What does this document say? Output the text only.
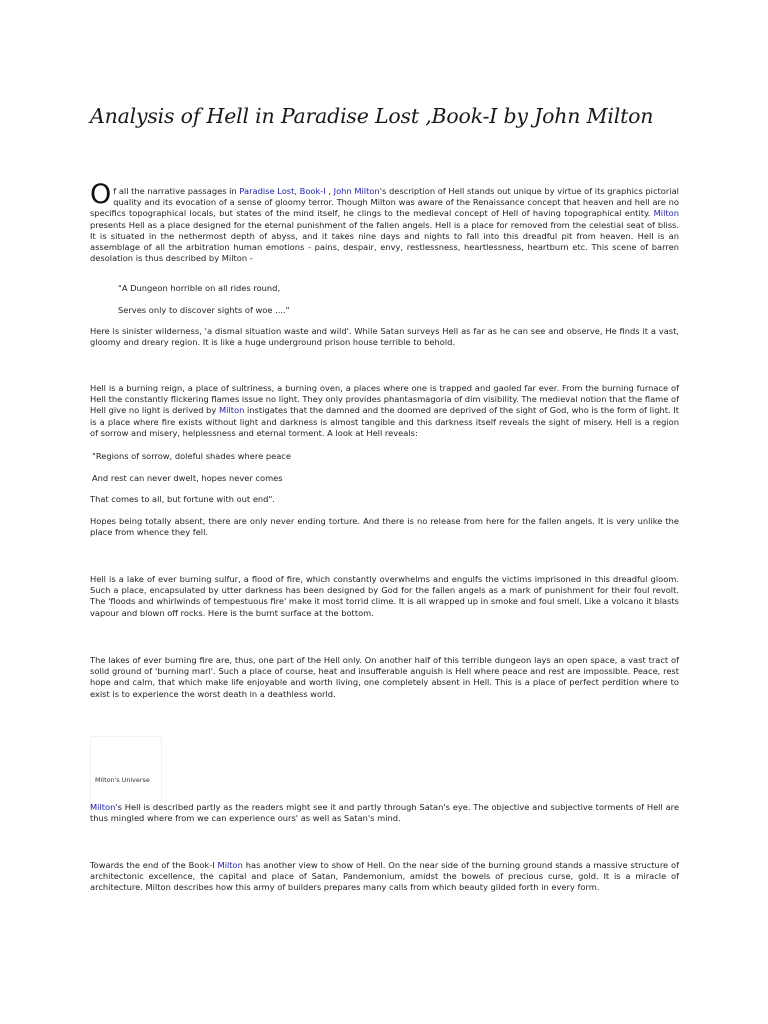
Analysis of Hell in Paradise Lost ,Book-I by John Milton

Of all the narrative passages in Paradise Lost, Book-I , John Milton's description of Hell stands out unique by virtue of its graphics pictorial quality and its evocation of a sense of gloomy terror. Though Milton was aware of the Renaissance concept that heaven and hell are no specifics topographical locals, but states of the mind itself, he clings to the medieval concept of Hell of having topographical entity. Milton presents Hell as a place designed for the eternal punishment of the fallen angels. Hell is a place for removed from the celestial seat of bliss. It is situated in the nethermost depth of abyss, and it takes nine days and nights to fall into this dreadful pit from heaven. Hell is an assemblage of all the arbitration human emotions - pains, despair, envy, restlessness, heartlessness, heartburn etc. This scene of barren desolation is thus described by Milton -

"A Dungeon horrible on all rides round,
Serves only to discover sights of woe ...."

Here is sinister wilderness, 'a dismal situation waste and wild'. While Satan surveys Hell as far as he can see and observe, He finds it a vast, gloomy and dreary region. It is like a huge underground prison house terrible to behold.

Hell is a burning reign, a place of sultriness, a burning oven, a places where one is trapped and gaoled far ever. From the burning furnace of Hell the constantly flickering flames issue no light. They only provides phantasmagoria of dim visibility. The medieval notion that the flame of Hell give no light is derived by Milton instigates that the damned and the doomed are deprived of the sight of God, who is the form of light. It is a place where fire exists without light and darkness is almost tangible and this darkness itself reveals the sight of misery. Hell is a region of sorrow and misery, helplessness and eternal torment. A look at Hell reveals:

"Regions of sorrow, doleful shades where peace
And rest can never dwelt, hopes never comes
That comes to all, but fortune with out end".

Hopes being totally absent, there are only never ending torture. And there is no release from here for the fallen angels. It is very unlike the place from whence they fell.

Hell is a lake of ever burning sulfur, a flood of fire, which constantly overwhelms and engulfs the victims imprisoned in this dreadful gloom. Such a place, encapsulated by utter darkness has been designed by God for the fallen angels as a mark of punishment for their foul revolt. The 'floods and whirlwinds of tempestuous fire' make it most torrid clime. It is all wrapped up in smoke and foul smell. Like a volcano it blasts vapour and blown off rocks. Here is the burnt surface at the bottom.

The lakes of ever burning fire are, thus, one part of the Hell only. On another half of this terrible dungeon lays an open space, a vast tract of solid ground of 'burning marl'. Such a place of course, heat and insufferable anguish is Hell where peace and rest are impossible. Peace, rest hope and calm, that which make life enjoyable and worth living, one completely absent in Hell. This is a place of perfect perdition where to exist is to experience the worst death in a deathless world.

Milton's Universe

Milton's Hell is described partly as the readers might see it and partly through Satan's eye. The objective and subjective torments of Hell are thus mingled where from we can experience ours' as well as Satan's mind.

Towards the end of the Book-I Milton has another view to show of Hell. On the near side of the burning ground stands a massive structure of architectonic excellence, the capital and place of Satan, Pandemonium, amidst the bowels of precious curse, gold. It is a miracle of architecture. Milton describes how this army of builders prepares many calls from which beauty gilded forth in every form.
